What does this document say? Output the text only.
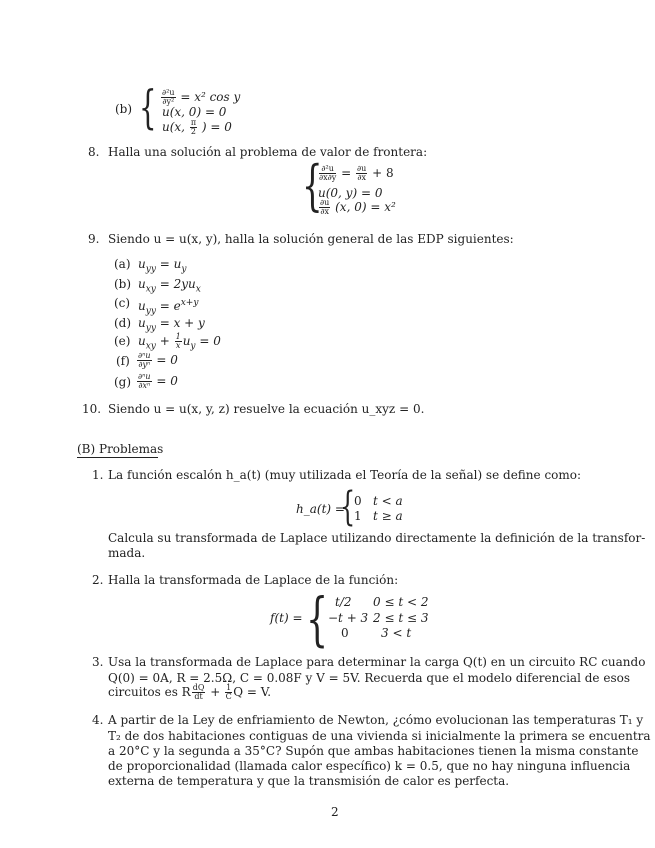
(b) { $\frac{\text{∂²u}}{\text{∂y²}} = x^2$ cos y
u(x, 0) = 0
u(x, $\frac{\pi}{2}$ ) = 0
8. Halla una solución al problema de valor de frontera:
{
$\frac{\text{∂²u}}{\partial x\partial y} = \frac{\partial u}{\partial x} + 8$
u(0, y) = 0
$\frac{\partial u}{\partial x} (x$, 0) = x²
9. Siendo u = u(x, y), halla la solución general de las EDP siguientes:
(a) $u_{yy} = u_y$
(b) $u_{xy} = 2yu_x$
(c) $u_{yy} = e^{x+y}$
(d) $u_{yy} = x + y$
(e) $u_{xy} + \frac{1}{x} u_y = 0$
$(f) \frac{\text{∂ⁿu}}{\text{∂yⁿ}} = 0$
$(g) \frac{\text{∂ⁿu}}{\text{∂xⁿ}} = 0$
10. Siendo u = u(x, y, z) resuelve la ecuación u_xyz = 0.
(B) Problemas
1. La función escalón h_a(t) (muy utilizada el Teoría de la señal) se define como:
h_a(t) =
{
0 t < a
1 t ≥ a
Calcula su transformada de Laplace utilizando directamente la definición de la transfor-
mada.
2. Halla la transformada de Laplace de la función:
f(t) = { t/2 0 ≤ t < 2
−t + 3 2 ≤ t ≤ 3
0	3 < t
3. Usa la transformada de Laplace para determinar la carga Q(t) en un circuito RC cuando
Q(0) = 0A, R = 2.5Ω, C = 0.08F y V = 5V. Recuerda que el modelo diferencial de esos
circuitos es R $\frac{dQ}{dt} + \frac{1}{C}$ Q = V.
4. A partir de la Ley de enfriamiento de Newton, ¿cómo evolucionan las temperaturas T₁ y
T₂ de dos habitaciones contiguas de una vivienda si inicialmente la primera se encuentra
a 20°C y la segunda a 35°C? Supón que ambas habitaciones tienen la misma constante
de proporcionalidad (llamada calor específico) k = 0.5, que no hay ninguna influencia
externa de temperatura y que la transmisión de calor es perfecta.
2
